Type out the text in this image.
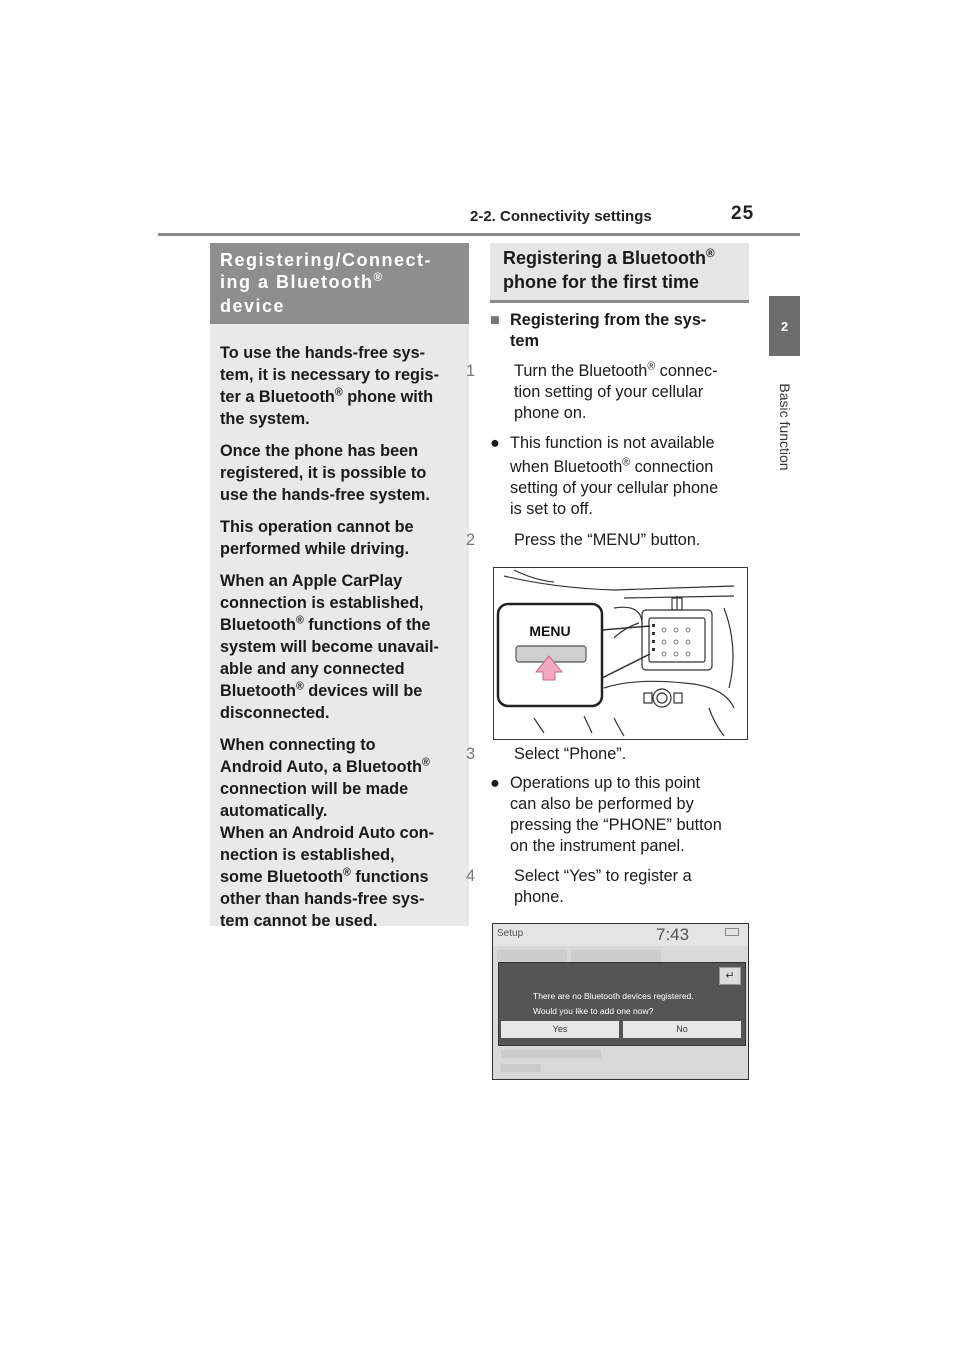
2-2. Connectivity settings	25
2
Basic function
Registering/Connect-
ing a Bluetooth®
device

To use the hands-free sys-
tem, it is necessary to regis-
ter a Bluetooth® phone with
the system.

Once the phone has been
registered, it is possible to
use the hands-free system.

This operation cannot be
performed while driving.

When an Apple CarPlay
connection is established,
Bluetooth® functions of the
system will become unavail-
able and any connected
Bluetooth® devices will be
disconnected.

When connecting to
Android Auto, a Bluetooth®
connection will be made
automatically.
When an Android Auto con-
nection is established,
some Bluetooth® functions
other than hands-free sys-
tem cannot be used.

Registering a Bluetooth®
phone for the first time
■ Registering from the sys-
tem
1 Turn the Bluetooth® connec-
tion setting of your cellular
phone on.
● This function is not available
when Bluetooth® connection
setting of your cellular phone
is set to off.
2 Press the “MENU” button.
MENU
3 Select “Phone”.
● Operations up to this point
can also be performed by
pressing the “PHONE” button
on the instrument panel.
4 Select “Yes” to register a
phone.
Setup	7:43
↵
There are no Bluetooth devices registered.
Would you like to add one now?
Yes	No
